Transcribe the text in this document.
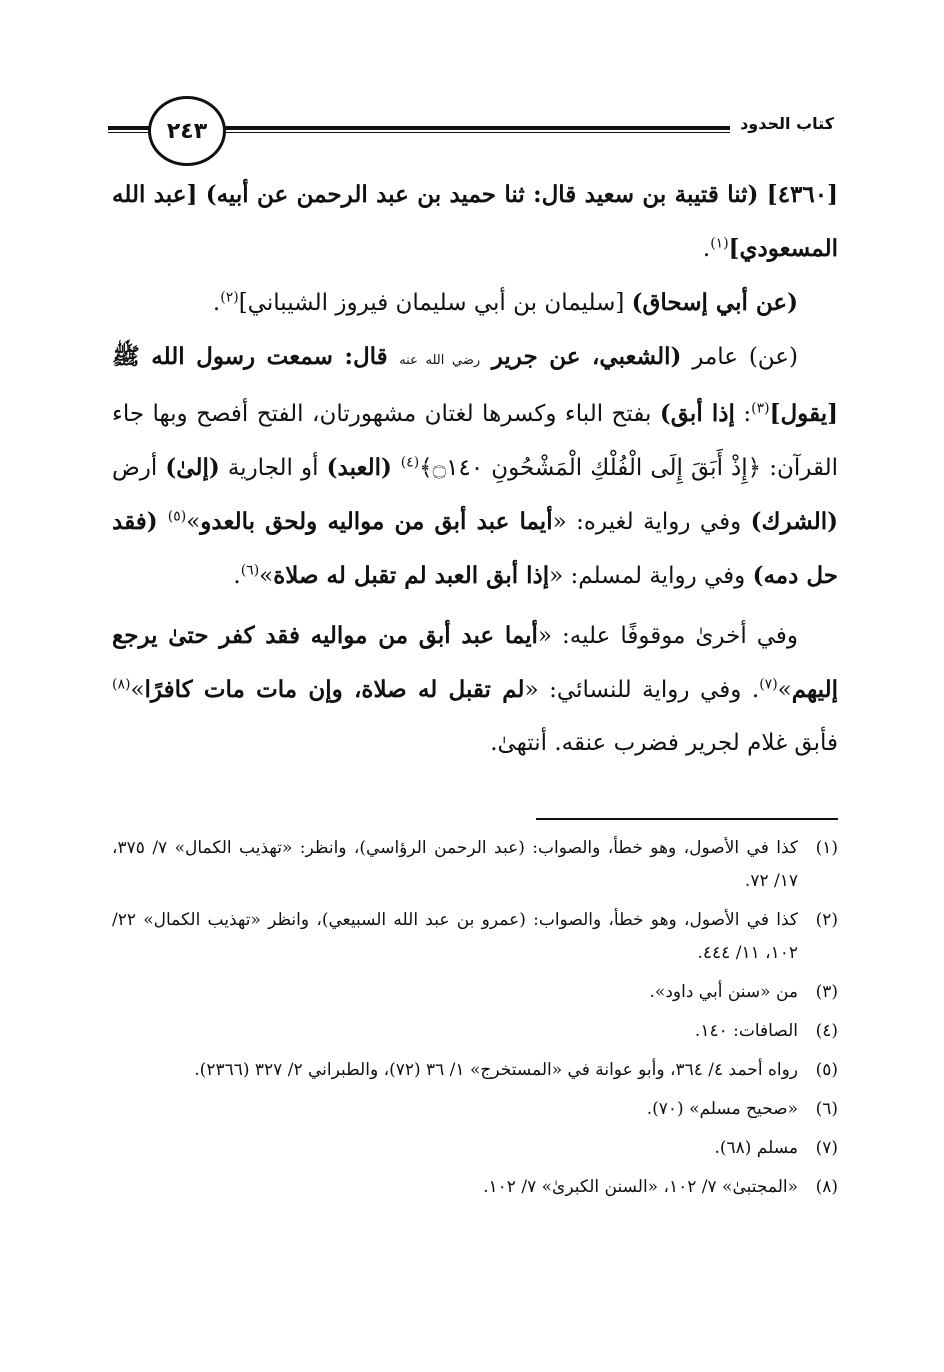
كتاب الحدود
٢٤٣

[٤٣٦٠] (ثنا قتيبة بن سعيد قال: ثنا حميد بن عبد الرحمن عن أبيه) [عبد الله المسعودي]$^{(١)}$.

(عن أبي إسحاق) [سليمان بن أبي سليمان فيروز الشيباني]$^{(٢)}$.

(عن) عامر (الشعبي، عن جرير رضي الله عنه قال: سمعت رسول الله ﷺ [يقول]$^{(٣)}$: إذا أبق) بفتح الباء وكسرها لغتان مشهورتان، الفتح أفصح وبها جاء القرآن: ﴿إِذْ أَبَقَ إِلَى الْفُلْكِ الْمَشْحُونِ ۝١٤٠﴾$^{(٤)}$ (العبد) أو الجارية (إلىٰ) أرض (الشرك) وفي رواية لغيره: «أيما عبد أبق من مواليه ولحق بالعدو»$^{(٥)}$ (فقد حل دمه) وفي رواية لمسلم: «إذا أبق العبد لم تقبل له صلاة»$^{(٦)}$.

وفي أخرىٰ موقوفًا عليه: «أيما عبد أبق من مواليه فقد كفر حتىٰ يرجع إليهم»$^{(٧)}$. وفي رواية للنسائي: «لم تقبل له صلاة، وإن مات مات كافرًا»$^{(٨)}$ فأبق غلام لجرير فضرب عنقه. أنتهىٰ.

(١)
كذا في الأصول، وهو خطأ، والصواب: (عبد الرحمن الرؤاسي)، وانظر: «تهذيب الكمال» ٧/ ٣٧٥، ١٧/ ٧٢.
(٢)
كذا في الأصول، وهو خطأ، والصواب: (عمرو بن عبد الله السبيعي)، وانظر «تهذيب الكمال» ٢٢/ ١٠٢، ١١/ ٤٤٤.
(٣)
من «سنن أبي داود».
(٤)
الصافات: ١٤٠.
(٥)
رواه أحمد ٤/ ٣٦٤، وأبو عوانة في «المستخرج» ١/ ٣٦ (٧٢)، والطبراني ٢/ ٣٢٧ (٢٣٦٦).
(٦)
«صحيح مسلم» (٧٠).
(٧)
مسلم (٦٨).
(٨)
«المجتبىٰ» ٧/ ١٠٢، «السنن الكبرىٰ» ٧/ ١٠٢.
